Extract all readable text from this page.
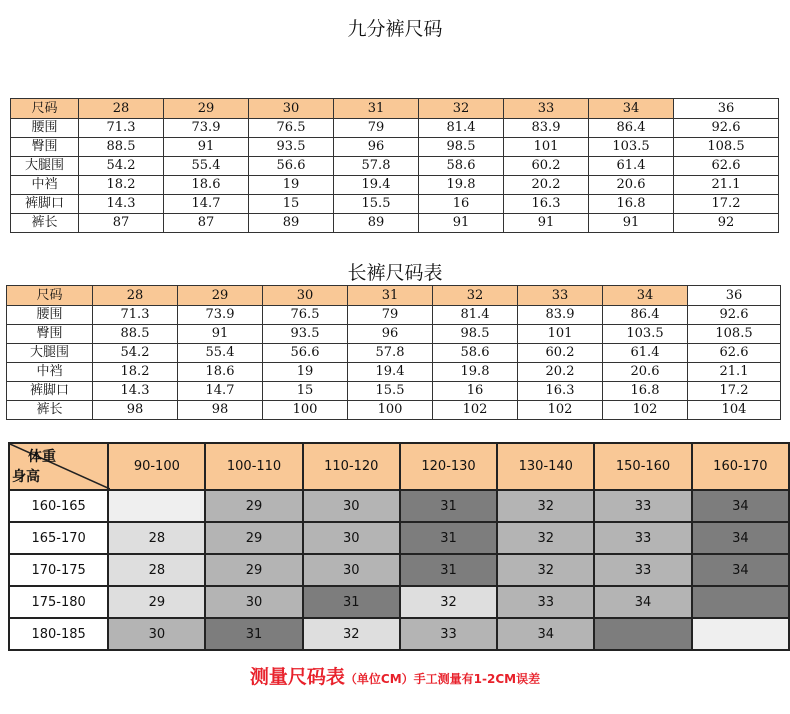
九分裤尺码
尺码	28	29	30	31	32	33	34	36
腰围	71.3	73.9	76.5	79	81.4	83.9	86.4	92.6
臀围	88.5	91	93.5	96	98.5	101	103.5	108.5
大腿围	54.2	55.4	56.6	57.8	58.6	60.2	61.4	62.6
中裆	18.2	18.6	19	19.4	19.8	20.2	20.6	21.1
裤脚口	14.3	14.7	15	15.5	16	16.3	16.8	17.2
裤长	87	87	89	89	91	91	91	92
长裤尺码表
尺码	28	29	30	31	32	33	34	36
腰围	71.3	73.9	76.5	79	81.4	83.9	86.4	92.6
臀围	88.5	91	93.5	96	98.5	101	103.5	108.5
大腿围	54.2	55.4	56.6	57.8	58.6	60.2	61.4	62.6
中裆	18.2	18.6	19	19.4	19.8	20.2	20.6	21.1
裤脚口	14.3	14.7	15	15.5	16	16.3	16.8	17.2
裤长	98	98	100	100	102	102	102	104
体重
身高	90-100	100-110	110-120	120-130	130-140	150-160	160-170
160-165		29	30	31	32	33	34
165-170	28	29	30	31	32	33	34
170-175	28	29	30	31	32	33	34
175-180	29	30	31	32	33	34	
180-185	30	31	32	33	34		
测量尺码表（单位CM）手工测量有1-2CM误差
